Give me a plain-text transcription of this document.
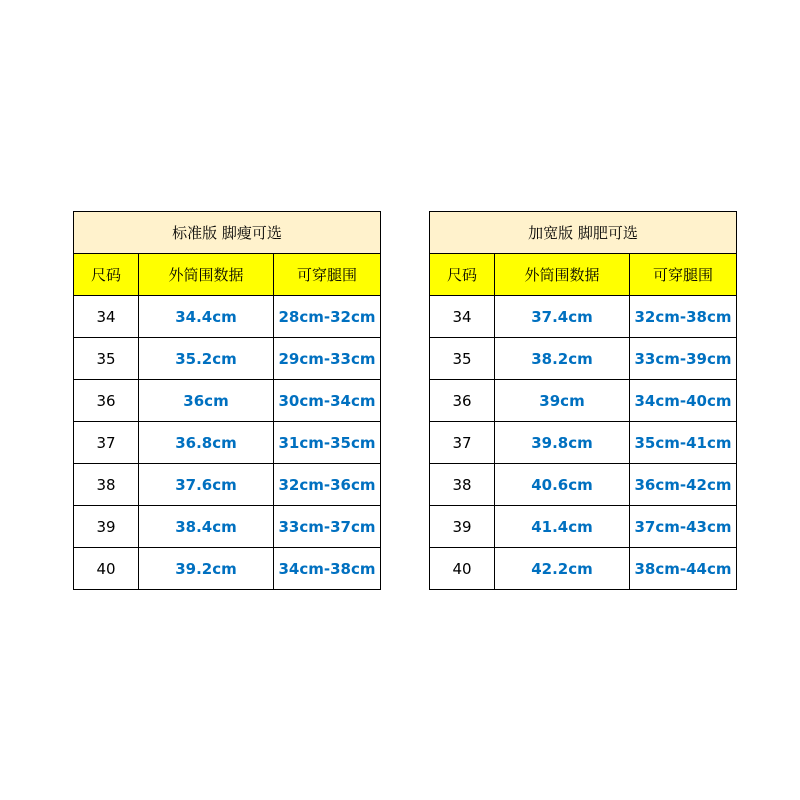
标准版 脚瘦可选		
尺码	外筒围数据	可穿腿围
34	34.4cm	28cm-32cm
35	35.2cm	29cm-33cm
36	36cm	30cm-34cm
37	36.8cm	31cm-35cm
38	37.6cm	32cm-36cm
39	38.4cm	33cm-37cm
40	39.2cm	34cm-38cm
加宽版 脚肥可选		
尺码	外筒围数据	可穿腿围
34	37.4cm	32cm-38cm
35	38.2cm	33cm-39cm
36	39cm	34cm-40cm
37	39.8cm	35cm-41cm
38	40.6cm	36cm-42cm
39	41.4cm	37cm-43cm
40	42.2cm	38cm-44cm
